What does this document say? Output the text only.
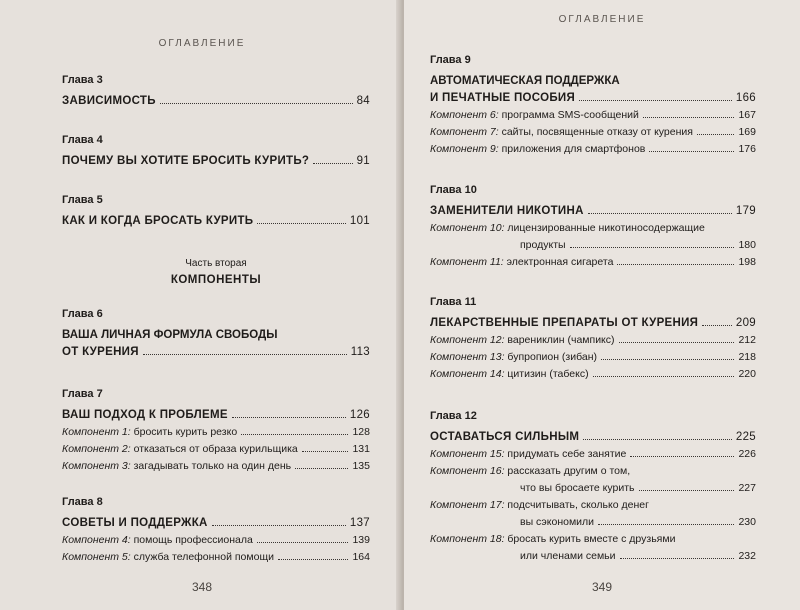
ОГЛАВЛЕНИЕ
Глава 3
ЗАВИСИМОСТЬ	84
Глава 4
ПОЧЕМУ ВЫ ХОТИТЕ БРОСИТЬ КУРИТЬ?	91
Глава 5
КАК И КОГДА БРОСАТЬ КУРИТЬ	101
Часть вторая
КОМПОНЕНТЫ
Глава 6
ВАША ЛИЧНАЯ ФОРМУЛА СВОБОДЫ
ОТ КУРЕНИЯ	113
Глава 7
ВАШ ПОДХОД К ПРОБЛЕМЕ	126
Компонент 1:
бросить курить резко	128
Компонент 2:
отказаться от образа курильщика	131
Компонент 3:
загадывать только на один день	135
Глава 8
СОВЕТЫ И ПОДДЕРЖКА	137
Компонент 4:
помощь профессионала	139
Компонент 5:
служба телефонной помощи	164
348
ОГЛАВЛЕНИЕ
Глава 9
АВТОМАТИЧЕСКАЯ ПОДДЕРЖКА
И ПЕЧАТНЫЕ ПОСОБИЯ	166
Компонент 6:
программа SMS-сообщений	167
Компонент 7:
сайты, посвященные отказу от курения	169
Компонент 9:
приложения для смартфонов	176
Глава 10
ЗАМЕНИТЕЛИ НИКОТИНА	179
Компонент 10:
лицензированные никотиносодержащие
продукты	180
Компонент 11:
электронная сигарета	198
Глава 11
ЛЕКАРСТВЕННЫЕ ПРЕПАРАТЫ ОТ КУРЕНИЯ	209
Компонент 12:
варениклин (чампикс)	212
Компонент 13:
бупропион (зибан)	218
Компонент 14:
цитизин (табекс)	220
Глава 12
ОСТАВАТЬСЯ СИЛЬНЫМ	225
Компонент 15:
придумать себе занятие	226
Компонент 16:
рассказать другим о том,
что вы бросаете курить	227
Компонент 17:
подсчитывать, сколько денег
вы сэкономили	230
Компонент 18:
бросать курить вместе с друзьями
или членами семьи	232
349
